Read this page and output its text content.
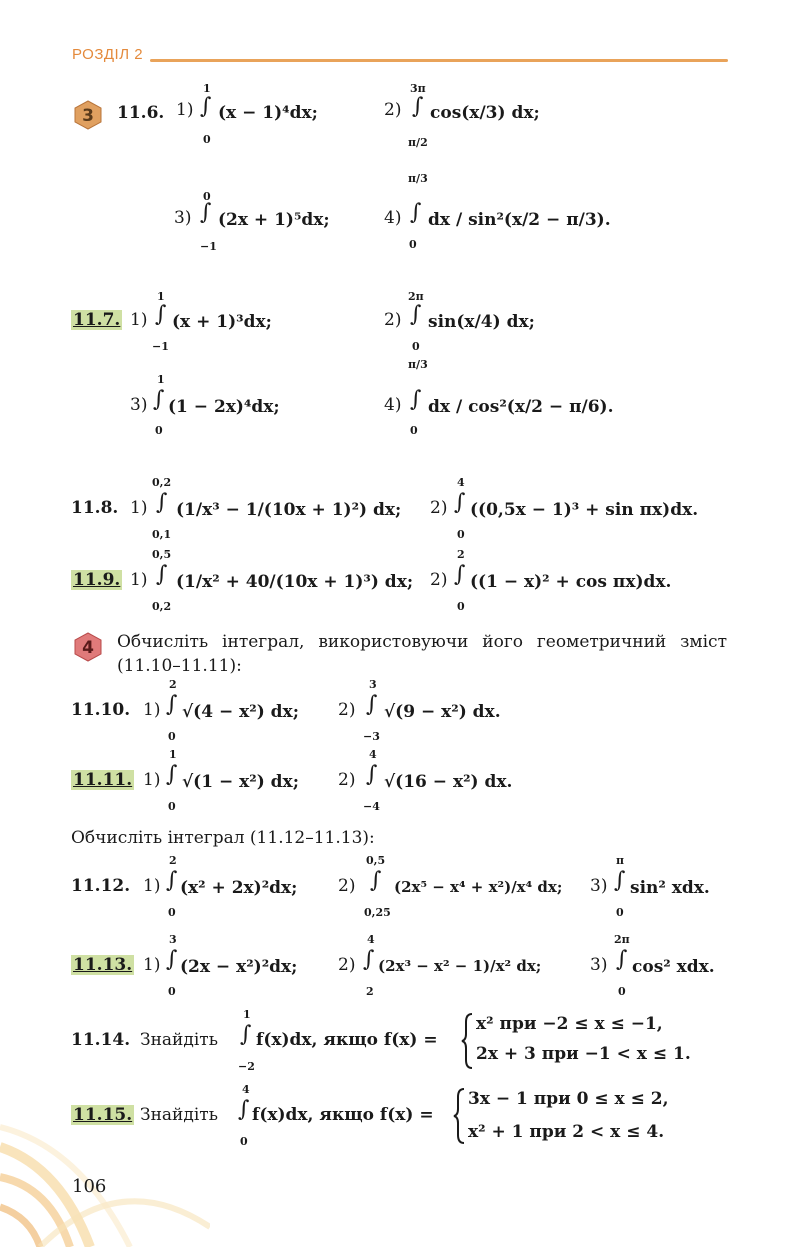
РОЗДІЛ 2
3 11.6. 1)
1
∫
0
(x − 1)⁴dx;	2)
3π
∫
π/2
cos(x/3) dx;
3)
0
∫
−1
(2x + 1)⁵dx;	4)
π/3
∫
0
dx / sin²(x/2 − π/3).
11.7. 1)
1
∫
−1
(x + 1)³dx;	2)
2π
∫
0
sin(x/4) dx;
3)
1
∫
0
(1 − 2x)⁴dx;	4)
π/3
∫
0
dx / cos²(x/2 − π/6).
11.8. 1)
0,2
∫
0,1
(1/x³ − 1/(10x + 1)²) dx; 2)
4
∫
0
((0,5x − 1)³ + sin πx)dx.
11.9. 1)
0,5
∫
0,2
(1/x² + 40/(10x + 1)³) dx; 2)
2
∫
0
((1 − x)² + cos πx)dx.
4 Обчисліть інтеграл, використовуючи його геометричний зміст (11.10–11.11):
11.10. 1)
2
∫
0
√(4 − x²) dx; 2)
3
∫
−3
√(9 − x²) dx.
11.11. 1)
1
∫
0
√(1 − x²) dx; 2)
4
∫
−4
√(16 − x²) dx.
Обчисліть інтеграл (11.12–11.13):
11.12. 1)
2
∫
0
(x² + 2x)²dx; 2)
0,5
∫
0,25
(2x⁵ − x⁴ + x²)/x⁴ dx; 3)
π
∫
0
sin² xdx.
11.13. 1)
3
∫
0
(2x − x²)²dx; 2)
4
∫
2
(2x³ − x² − 1)/x² dx;	3)
2π
∫
0
cos² xdx.
11.14. Знайдіть
1
∫
−2
f(x)dx, якщо f(x) =
x² при −2 ≤ x ≤ −1,
2x + 3 при −1 < x ≤ 1.
11.15. Знайдіть
4
∫
0
f(x)dx, якщо f(x) =
3x − 1 при 0 ≤ x ≤ 2,
x² + 1 при 2 < x ≤ 4.
106
